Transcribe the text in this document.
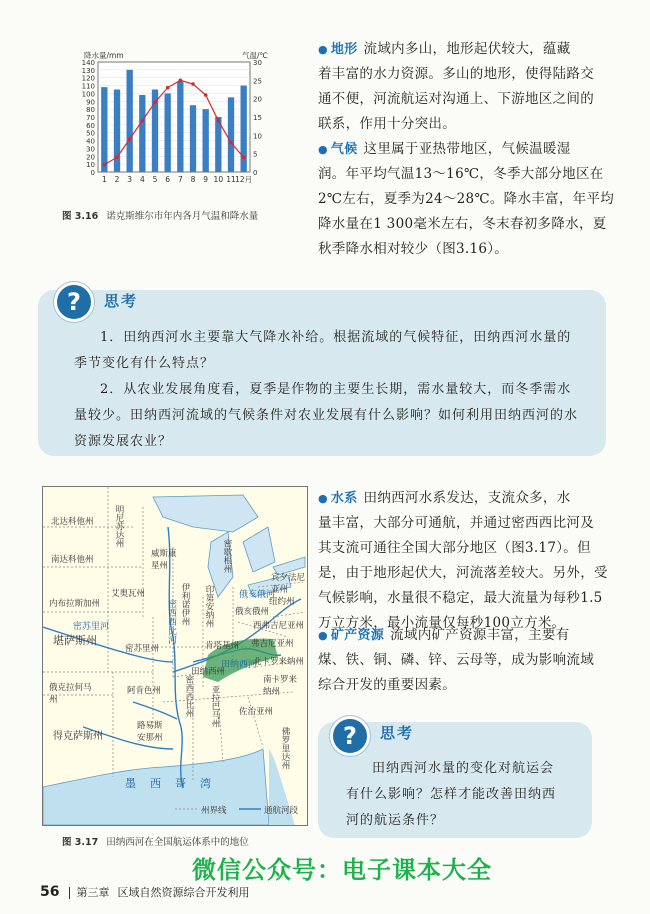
0
10
20
30
40
50
60
70
80
90
100
110
120
130
140
0
5
10
15
20
25
30
降水量/mm	气温/℃
1 2 3 4 5 6 7 8 9 10 11 12月
图 3.16 诺克斯维尔市年内各月气温和降水量
● 地形 流域内多山，地形起伏较大，蕴藏
着丰富的水力资源。多山的地形，使得陆路交
通不便，河流航运对沟通上、下游地区之间的
联系，作用十分突出。
● 气候 这里属于亚热带地区，气候温暖湿
润。年平均气温13～16℃，冬季大部分地区在
2℃左右，夏季为24～28℃。降水丰富，年平均
降水量在1 300毫米左右，冬末春初多降水，夏
秋季降水相对较少（图3.16）。
?	思考
1．田纳西河水主要靠大气降水补给。根据流域的气候特征，田纳西河水量的
季节变化有什么特点？
2．从农业发展角度看，夏季是作物的主要生长期，需水量较大，而冬季需水
量较少。田纳西河流域的气候条件对农业发展有什么影响？如何利用田纳西河的水
资源发展农业？
北达科他州 明尼苏达州
南达科他州
威斯康星州	密歇根州
纽约州
内布拉斯加州
艾奥瓦州	伊利诺伊州 印第安纳州 俄亥俄州
宾夕法尼亚州
堪萨斯州
密苏里州	肯塔基州
西弗吉尼亚州
弗吉尼亚州
田纳西州
北卡罗来纳州
俄克拉何马州
阿肯色州
南卡罗来纳州
得克萨斯州
路易斯安那州
密西西比州 亚拉巴马州 佐治亚州
佛罗里达州
密西西比河
墨西哥湾
密苏里河
俄亥俄河
田纳西河
州界线	通航河段
图 3.17 田纳西河在全国航运体系中的地位
● 水系 田纳西河水系发达，支流众多，水
量丰富，大部分可通航，并通过密西西比河及
其支流可通往全国大部分地区（图3.17）。但
是，由于地形起伏大，河流落差较大。另外，受
气候影响，水量很不稳定，最大流量为每秒1.5
万立方米，最小流量仅每秒100立方米。
● 矿产资源 流域内矿产资源丰富，主要有
煤、铁、铜、磷、锌、云母等，成为影响流域
综合开发的重要因素。
?	思考
田纳西河水量的变化对航运会
有什么影响？怎样才能改善田纳西
河的航运条件？
微信公众号：电子课本大全
56 第三章 区域自然资源综合开发利用
